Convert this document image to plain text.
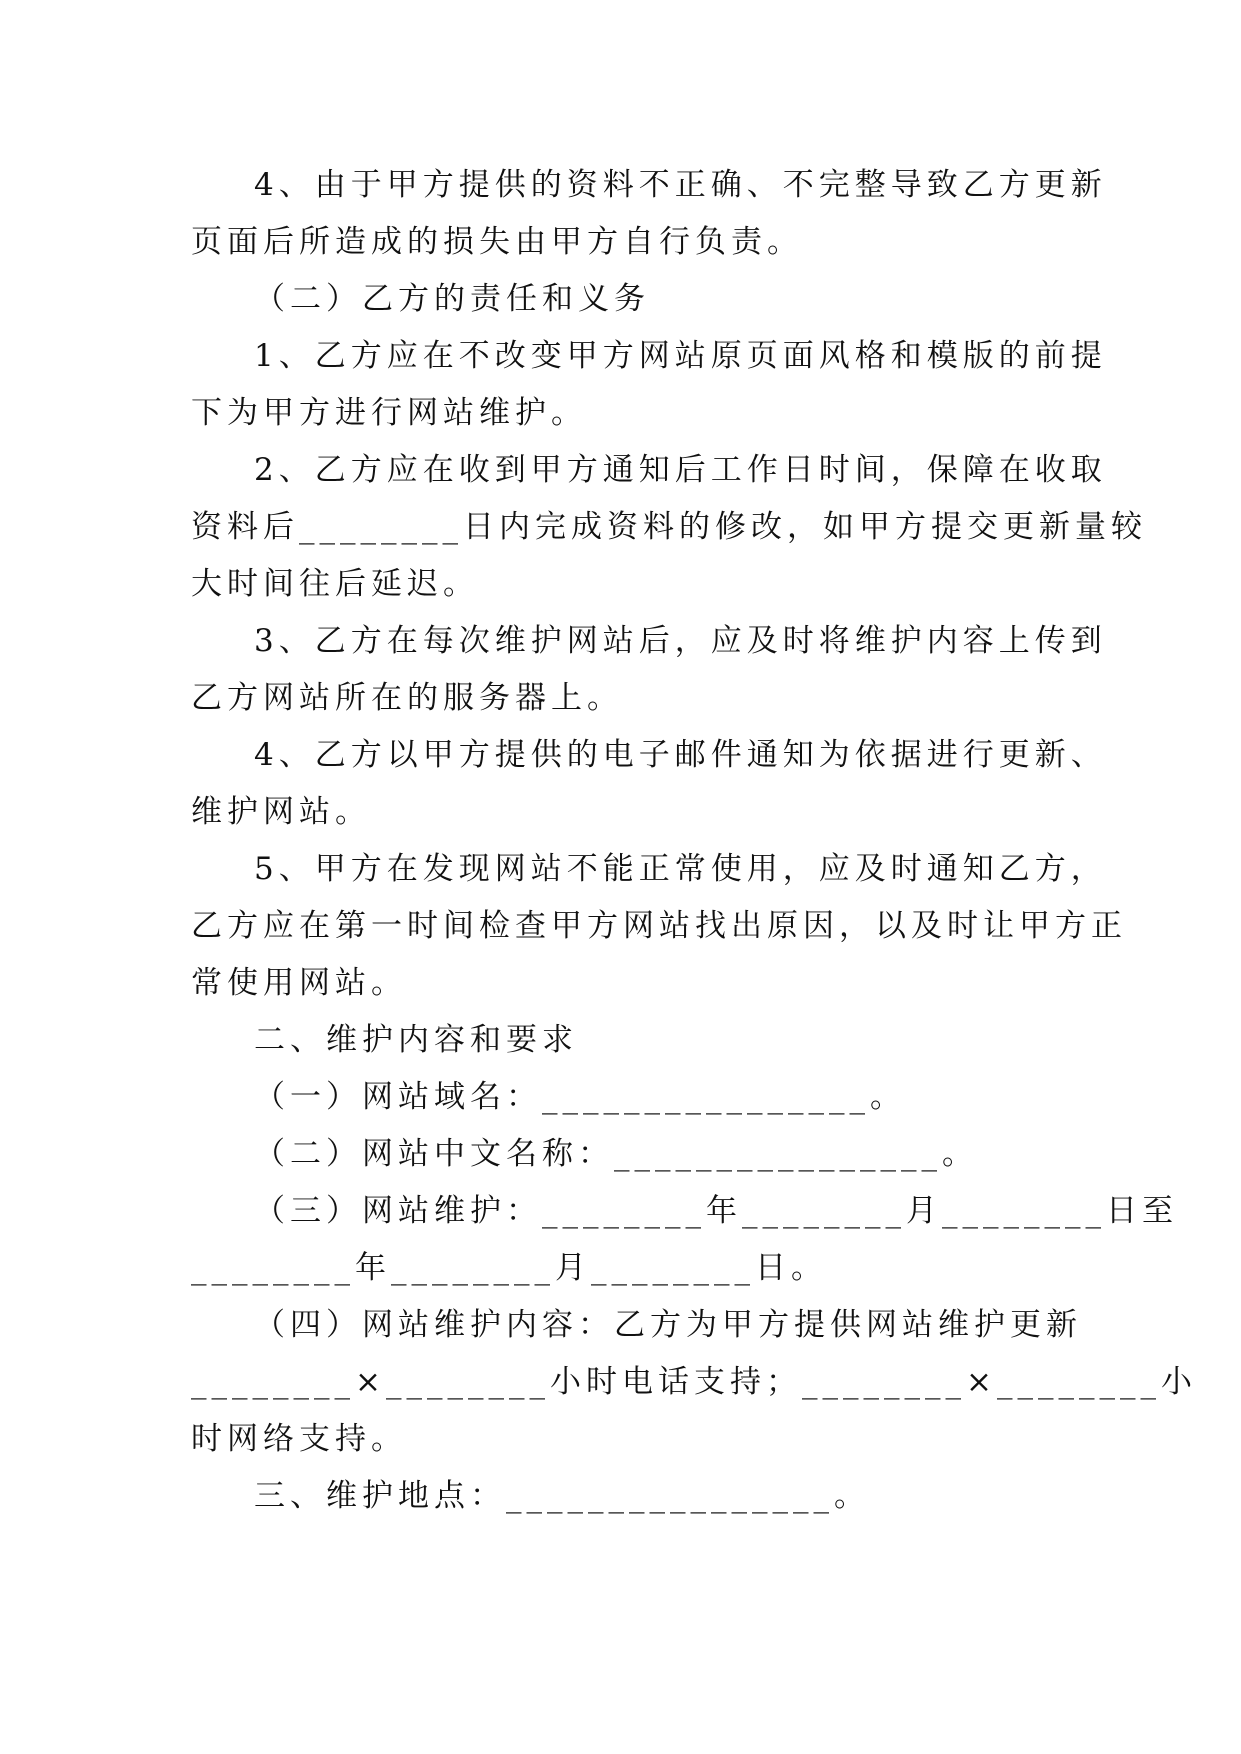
4、由于甲方提供的资料不正确、不完整导致乙方更新
页面后所造成的损失由甲方自行负责。
（二）乙方的责任和义务
1、乙方应在不改变甲方网站原页面风格和模版的前提
下为甲方进行网站维护。
2、乙方应在收到甲方通知后工作日时间，保障在收取
资料后________日内完成资料的修改，如甲方提交更新量较
大时间往后延迟。
3、乙方在每次维护网站后，应及时将维护内容上传到
乙方网站所在的服务器上。
4、乙方以甲方提供的电子邮件通知为依据进行更新、
维护网站。
5、甲方在发现网站不能正常使用，应及时通知乙方，
乙方应在第一时间检查甲方网站找出原因，以及时让甲方正
常使用网站。
二、维护内容和要求
（一）网站域名：________________。
（二）网站中文名称：________________。
（三）网站维护：________年________月________日至
________年________月________日。
（四）网站维护内容：乙方为甲方提供网站维护更新
________×________小时电话支持；________×________小
时网络支持。
三、维护地点：________________。
